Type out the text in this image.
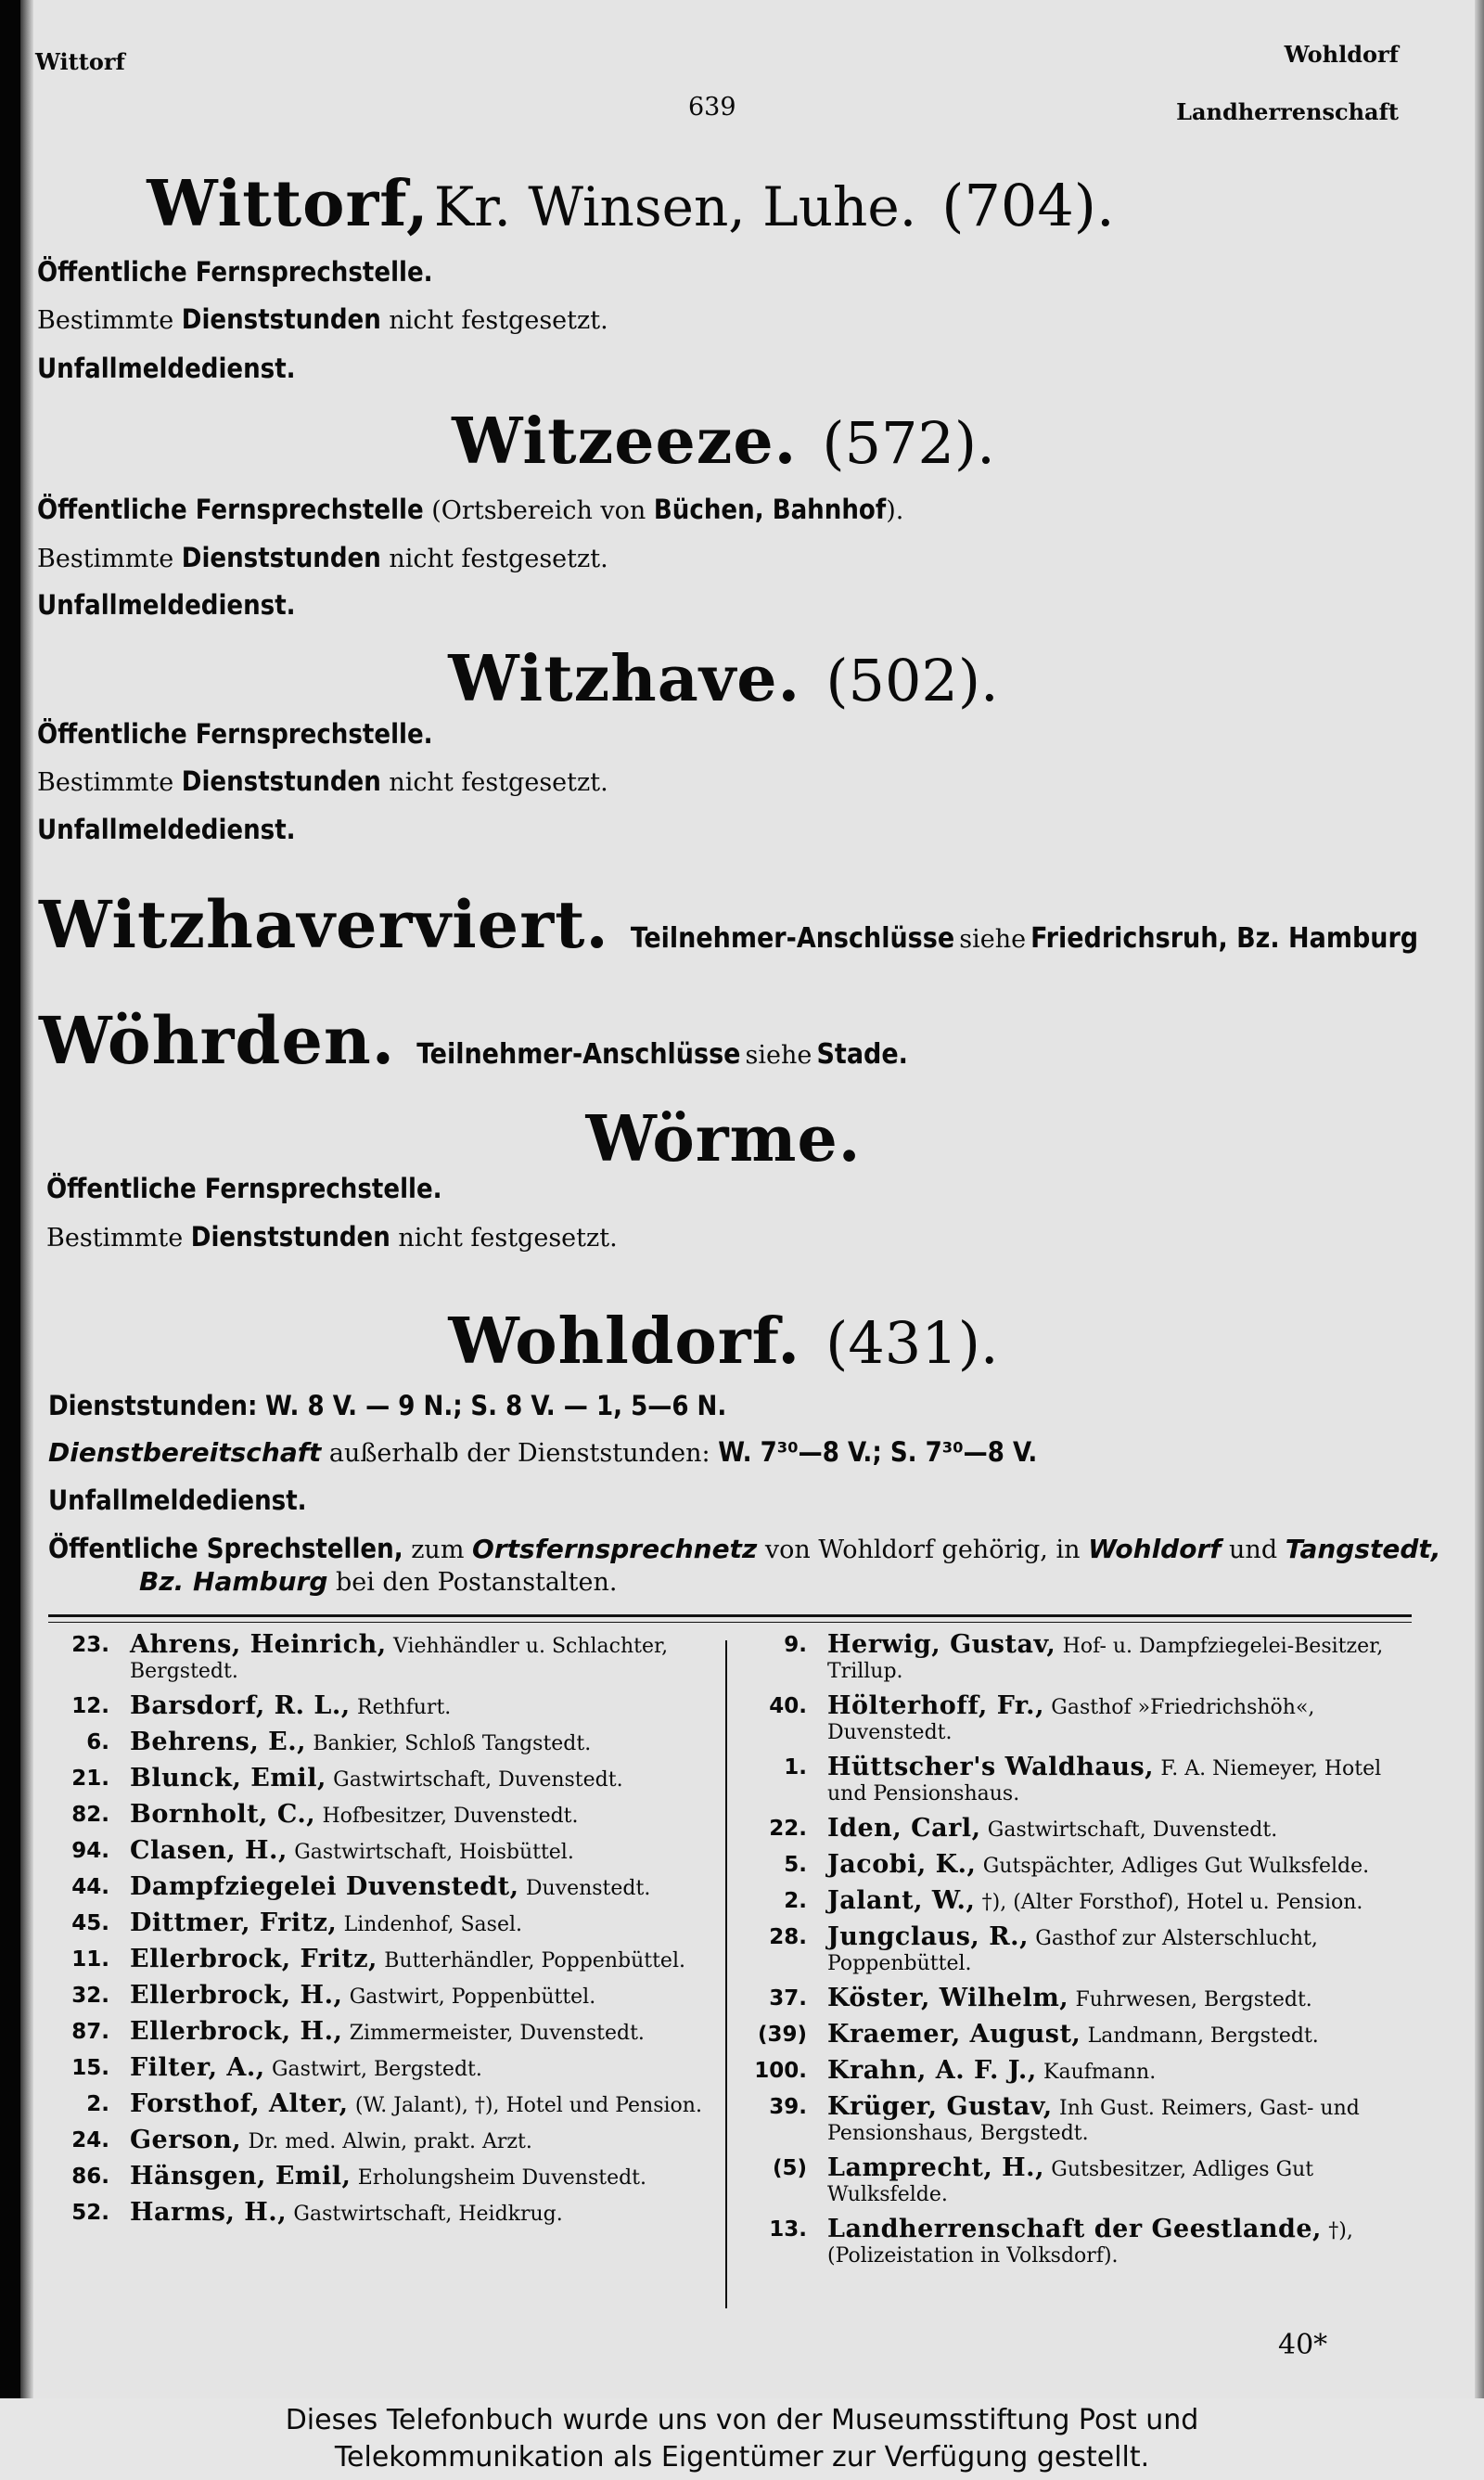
Wittorf	Wohldorf
Landherrenschaft
639
Wittorf, Kr. Winsen, Luhe. (704).
Öffentliche Fernsprechstelle.
Bestimmte Dienststunden nicht festgesetzt.
Unfallmeldedienst.
Witzeeze. (572).
Öffentliche Fernsprechstelle (Ortsbereich von Büchen, Bahnhof).
Bestimmte Dienststunden nicht festgesetzt.
Unfallmeldedienst.
Witzhave. (502).
Öffentliche Fernsprechstelle.
Bestimmte Dienststunden nicht festgesetzt.
Unfallmeldedienst.
Witzhaverviert. Teilnehmer-Anschlüsse siehe Friedrichsruh, Bz. Hamburg
Wöhrden. Teilnehmer-Anschlüsse siehe Stade.
Wörme.
Öffentliche Fernsprechstelle.
Bestimmte Dienststunden nicht festgesetzt.
Wohldorf. (431).
Dienststunden: W. 8 V. — 9 N.; S. 8 V. — 1, 5—6 N.
Dienstbereitschaft außerhalb der Dienststunden: W. 7³⁰—8 V.; S. 7³⁰—8 V.
Unfallmeldedienst.
Öffentliche Sprechstellen, zum Ortsfernsprechnetz von Wohldorf gehörig, in Wohldorf und Tangstedt,
Bz. Hamburg bei den Postanstalten.
23. Ahrens, Heinrich, Viehhändler u. Schlachter, Bergstedt.
12. Barsdorf, R. L., Rethfurt.
6. Behrens, E., Bankier, Schloß Tangstedt.
21. Blunck, Emil, Gastwirtschaft, Duvenstedt.
82. Bornholt, C., Hofbesitzer, Duvenstedt.
94. Clasen, H., Gastwirtschaft, Hoisbüttel.
44. Dampfziegelei Duvenstedt, Duvenstedt.
45. Dittmer, Fritz, Lindenhof, Sasel.
11. Ellerbrock, Fritz, Butterhändler, Poppenbüttel.
32. Ellerbrock, H., Gastwirt, Poppenbüttel.
87. Ellerbrock, H., Zimmermeister, Duvenstedt.
15. Filter, A., Gastwirt, Bergstedt.
2. Forsthof, Alter, (W. Jalant), †), Hotel und Pension.
24. Gerson, Dr. med. Alwin, prakt. Arzt.
86. Hänsgen, Emil, Erholungsheim Duvenstedt.
52. Harms, H., Gastwirtschaft, Heidkrug.
9. Herwig, Gustav, Hof- u. Dampfziegelei-Besitzer, Trillup.
40. Hölterhoff, Fr., Gasthof »Friedrichshöh«, Duvenstedt.
1. Hüttscher's Waldhaus, F. A. Niemeyer, Hotel und Pensionshaus.
22. Iden, Carl, Gastwirtschaft, Duvenstedt.
5. Jacobi, K., Gutspächter, Adliges Gut Wulksfelde.
2. Jalant, W., †), (Alter Forsthof), Hotel u. Pension.
28. Jungclaus, R., Gasthof zur Alsterschlucht, Poppenbüttel.
37. Köster, Wilhelm, Fuhrwesen, Bergstedt.
(39) Kraemer, August, Landmann, Bergstedt.
100. Krahn, A. F. J., Kaufmann.
39. Krüger, Gustav, Inh Gust. Reimers, Gast- und Pensionshaus, Bergstedt.
(5) Lamprecht, H., Gutsbesitzer, Adliges Gut Wulksfelde.
13. Landherrenschaft der Geestlande, †), (Polizeistation in Volksdorf).
40*
Dieses Telefonbuch wurde uns von der Museumsstiftung Post und
Telekommunikation als Eigentümer zur Verfügung gestellt.
